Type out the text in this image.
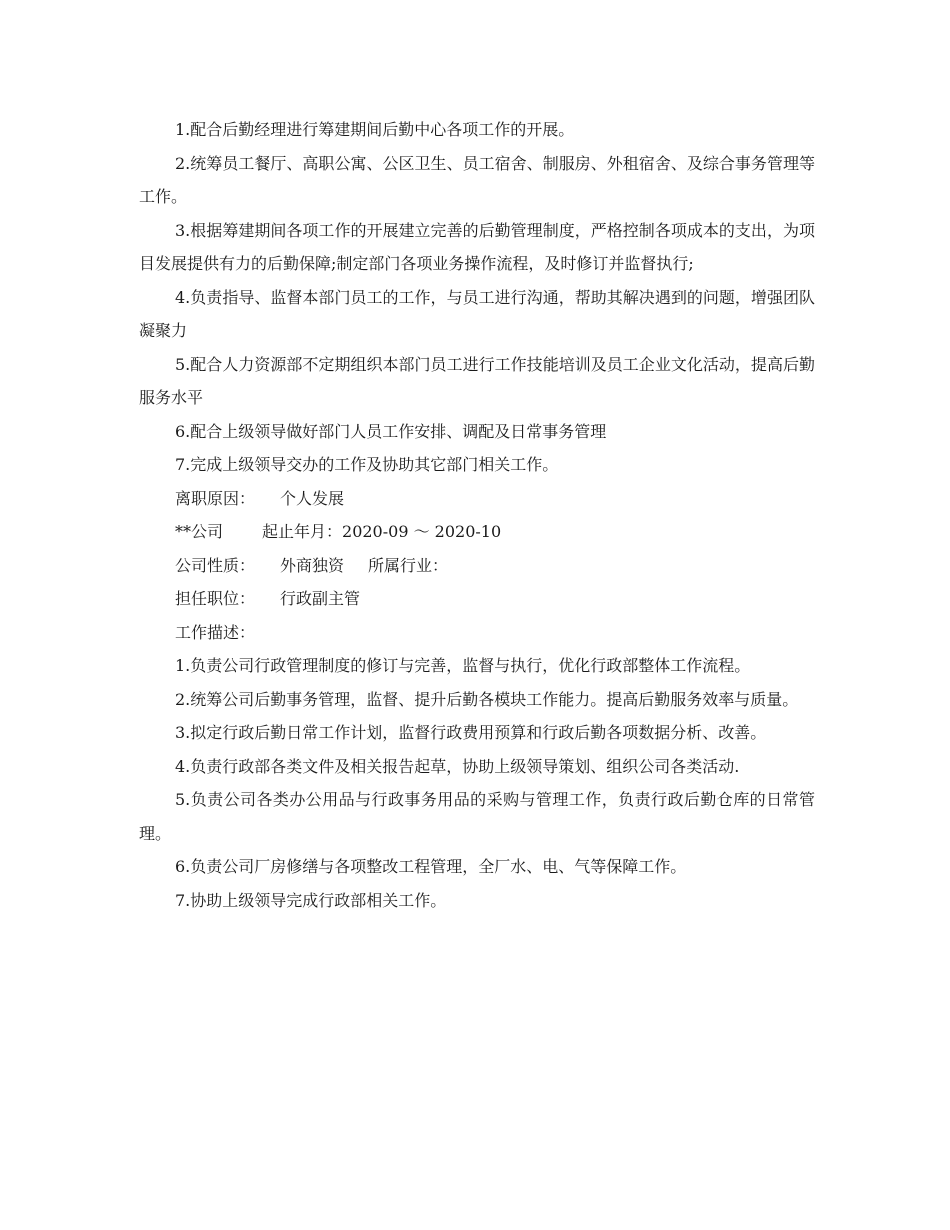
1.配合后勤经理进行筹建期间后勤中心各项工作的开展。

2.统筹员工餐厅、高职公寓、公区卫生、员工宿舍、制服房、外租宿舍、及综合事务管理等工作。

3.根据筹建期间各项工作的开展建立完善的后勤管理制度，严格控制各项成本的支出，为项目发展提供有力的后勤保障;制定部门各项业务操作流程，及时修订并监督执行;

4.负责指导、监督本部门员工的工作，与员工进行沟通，帮助其解决遇到的问题，增强团队凝聚力

5.配合人力资源部不定期组织本部门员工进行工作技能培训及员工企业文化活动，提高后勤服务水平

6.配合上级领导做好部门人员工作安排、调配及日常事务管理

7.完成上级领导交办的工作及协助其它部门相关工作。

离职原因： 个人发展

**公司 起止年月：2020-09 ～ 2020-10

公司性质： 外商独资 所属行业：

担任职位： 行政副主管

工作描述：

1.负责公司行政管理制度的修订与完善，监督与执行，优化行政部整体工作流程。

2.统筹公司后勤事务管理，监督、提升后勤各模块工作能力。提高后勤服务效率与质量。

3.拟定行政后勤日常工作计划，监督行政费用预算和行政后勤各项数据分析、改善。

4.负责行政部各类文件及相关报告起草，协助上级领导策划、组织公司各类活动.

5.负责公司各类办公用品与行政事务用品的采购与管理工作，负责行政后勤仓库的日常管理。

6.负责公司厂房修缮与各项整改工程管理，全厂水、电、气等保障工作。

7.协助上级领导完成行政部相关工作。
